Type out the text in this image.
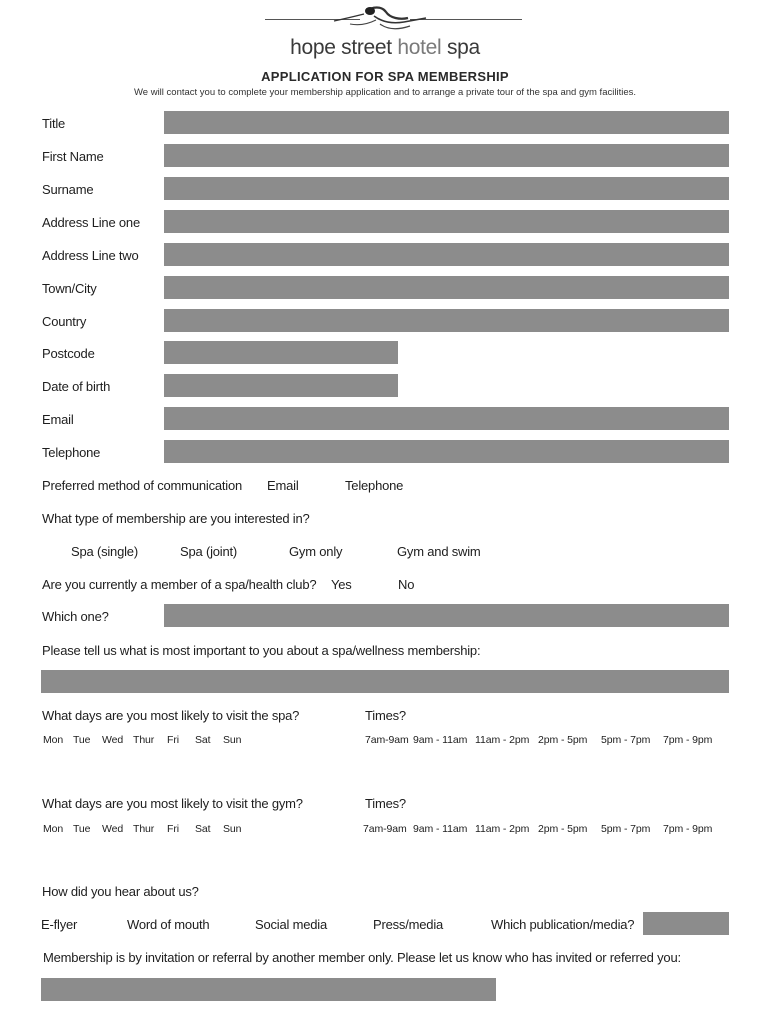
hope street hotel spa
APPLICATION FOR SPA MEMBERSHIP
We will contact you to complete your membership application and to arrange a private tour of the spa and gym facilities.
Title
First Name
Surname
Address Line one
Address Line two
Town/City
Country
Postcode
Date of birth
Email
Telephone
Preferred method of communication Email	Telephone
What type of membership are you interested in?
Spa (single)	Spa (joint)	Gym only	Gym and swim
Are you currently a member of a spa/health club? Yes	No
Which one?
Please tell us what is most important to you about a spa/wellness membership:
What days are you most likely to visit the spa?	Times?
Mon Tue Wed Thur Fri Sat Sun	7am-9am 9am - 11am 11am - 2pm 2pm - 5pm 5pm - 7pm 7pm - 9pm
What days are you most likely to visit the gym?	Times?
Mon Tue Wed Thur Fri Sat Sun	7am-9am 9am - 11am 11am - 2pm 2pm - 5pm 5pm - 7pm 7pm - 9pm
How did you hear about us?
E-flyer	Word of mouth	Social media	Press/media	Which publication/media?
Membership is by invitation or referral by another member only. Please let us know who has invited or referred you:
